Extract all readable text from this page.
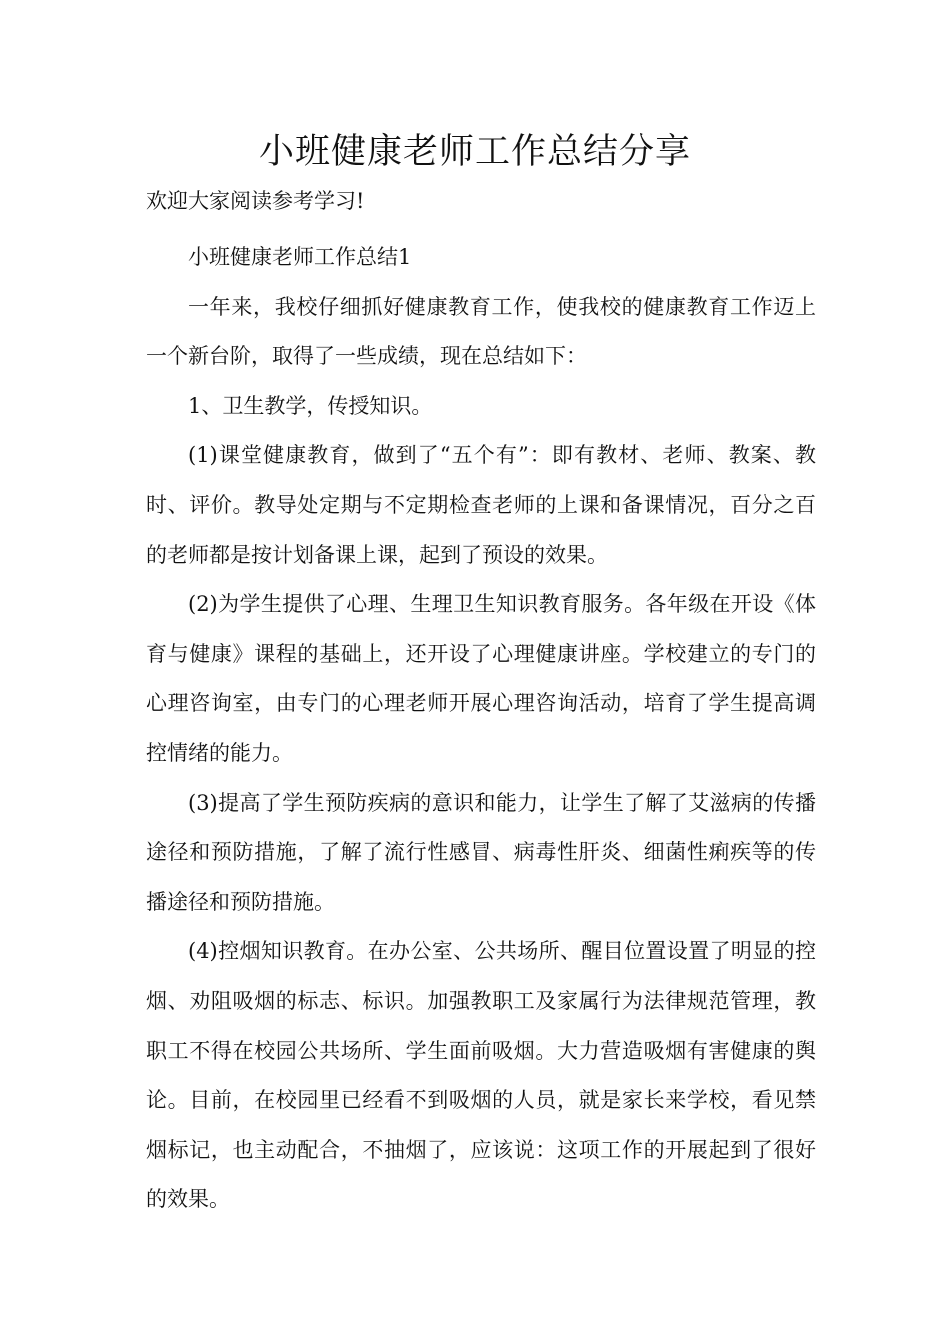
小班健康老师工作总结分享

欢迎大家阅读参考学习!

小班健康老师工作总结1

一年来，我校仔细抓好健康教育工作，使我校的健康教育工作迈上一个新台阶，取得了一些成绩，现在总结如下：

1、卫生教学，传授知识。

(1)课堂健康教育，做到了“五个有”：即有教材、老师、教案、教时、评价。教导处定期与不定期检查老师的上课和备课情况，百分之百的老师都是按计划备课上课，起到了预设的效果。

(2)为学生提供了心理、生理卫生知识教育服务。各年级在开设《体育与健康》课程的基础上，还开设了心理健康讲座。学校建立的专门的心理咨询室，由专门的心理老师开展心理咨询活动，培育了学生提高调控情绪的能力。

(3)提高了学生预防疾病的意识和能力，让学生了解了艾滋病的传播途径和预防措施，了解了流行性感冒、病毒性肝炎、细菌性痢疾等的传播途径和预防措施。

(4)控烟知识教育。在办公室、公共场所、醒目位置设置了明显的控烟、劝阻吸烟的标志、标识。加强教职工及家属行为法律规范管理，教职工不得在校园公共场所、学生面前吸烟。大力营造吸烟有害健康的舆论。目前，在校园里已经看不到吸烟的人员，就是家长来学校，看见禁烟标记，也主动配合，不抽烟了，应该说：这项工作的开展起到了很好的效果。
